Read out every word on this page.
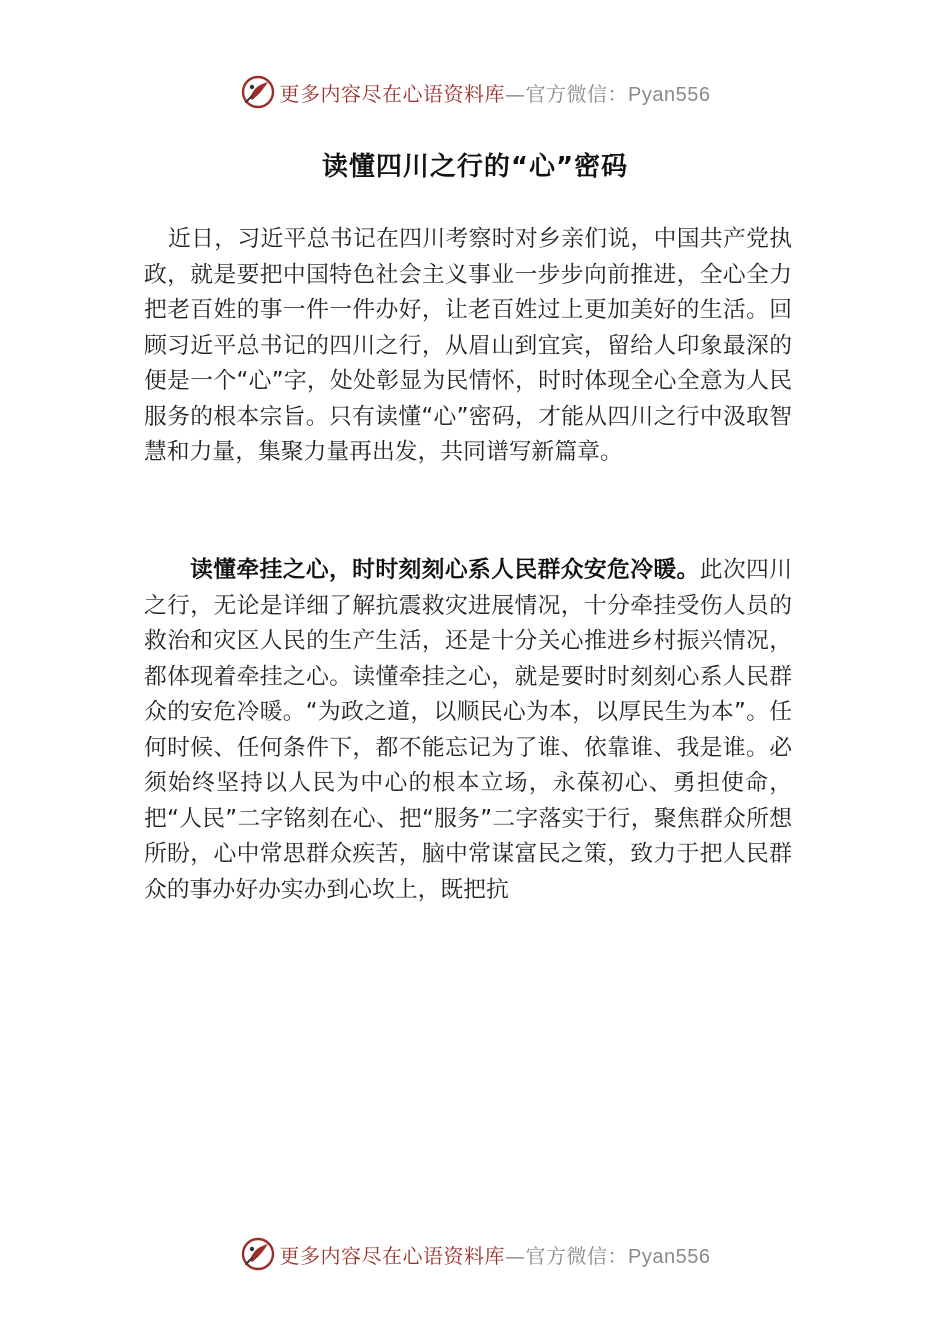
更多内容尽在心语资料库—官方微信：Pyan556
读懂四川之行的“心”密码
近日，习近平总书记在四川考察时对乡亲们说，中国共产党执政，就是要把中国特色社会主义事业一步步向前推进，全心全力把老百姓的事一件一件办好，让老百姓过上更加美好的生活。回顾习近平总书记的四川之行，从眉山到宜宾，留给人印象最深的便是一个“心”字，处处彰显为民情怀，时时体现全心全意为人民服务的根本宗旨。只有读懂“心”密码，才能从四川之行中汲取智慧和力量，集聚力量再出发，共同谱写新篇章。
读懂牵挂之心，时时刻刻心系人民群众安危冷暖。此次四川之行，无论是详细了解抗震救灾进展情况，十分牵挂受伤人员的救治和灾区人民的生产生活，还是十分关心推进乡村振兴情况，都体现着牵挂之心。读懂牵挂之心，就是要时时刻刻心系人民群众的安危冷暖。“为政之道，以顺民心为本，以厚民生为本”。任何时候、任何条件下，都不能忘记为了谁、依靠谁、我是谁。必须始终坚持以人民为中心的根本立场，永葆初心、勇担使命，把“人民”二字铭刻在心、把“服务”二字落实于行，聚焦群众所想所盼，心中常思群众疾苦，脑中常谋富民之策，致力于把人民群众的事办好办实办到心坎上，既把抗
更多内容尽在心语资料库—官方微信：Pyan556
